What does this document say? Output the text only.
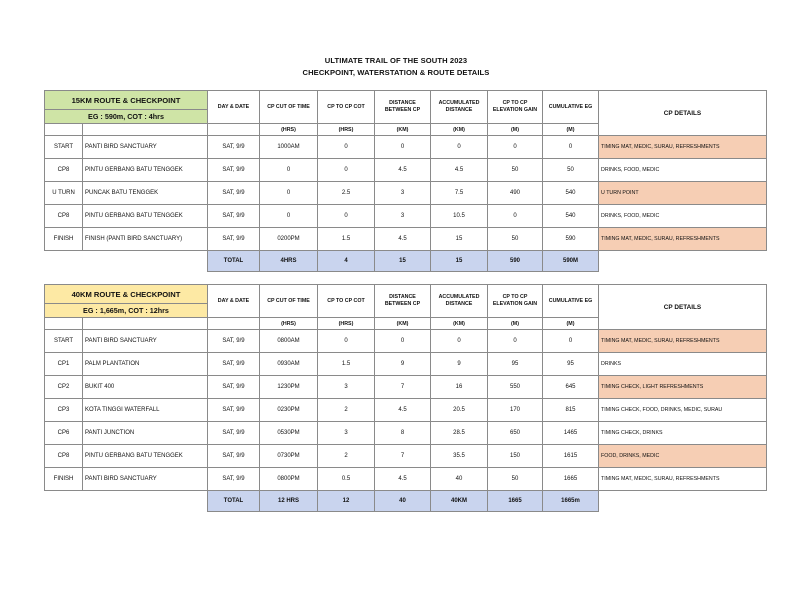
ULTIMATE TRAIL OF THE SOUTH 2023
CHECKPOINT, WATERSTATION & ROUTE DETAILS
15KM ROUTE & CHECKPOINT		DAY & DATE	CP CUT OF TIME	CP TO CP COT	DISTANCE BETWEEN CP	ACCUMULATED DISTANCE	CP TO CP ELEVATION GAIN	CUMULATIVE EG	CP DETAILS
EG : 590m, COT : 4hrs									
			(HRS)	(HRS)	(KM)	(KM)	(M)	(M)	
START	PANTI BIRD SANCTUARY	SAT, 9/9	1000AM	0	0	0	0	0	TIMING MAT, MEDIC, SURAU, REFRESHMENTS
CP8	PINTU GERBANG BATU TENGGEK	SAT, 9/9	0	0	4.5	4.5	50	50	DRINKS, FOOD, MEDIC
U TURN	PUNCAK BATU TENGGEK	SAT, 9/9	0	2.5	3	7.5	490	540	U TURN POINT
CP8	PINTU GERBANG BATU TENGGEK	SAT, 9/9	0	0	3	10.5	0	540	DRINKS, FOOD, MEDIC
FINISH	FINISH (PANTI BIRD SANCTUARY)	SAT, 9/9	0200PM	1.5	4.5	15	50	590	TIMING MAT, MEDIC, SURAU, REFRESHMENTS
		TOTAL	4HRS	4	15	15	590	590M	
40KM ROUTE & CHECKPOINT		DAY & DATE	CP CUT OF TIME	CP TO CP COT	DISTANCE BETWEEN CP	ACCUMULATED DISTANCE	CP TO CP ELEVATION GAIN	CUMULATIVE EG	CP DETAILS
EG : 1,665m, COT : 12hrs									
			(HRS)	(HRS)	(KM)	(KM)	(M)	(M)	
START	PANTI BIRD SANCTUARY	SAT, 9/9	0800AM	0	0	0	0	0	TIMING MAT, MEDIC, SURAU, REFRESHMENTS
CP1	PALM PLANTATION	SAT, 9/9	0930AM	1.5	9	9	95	95	DRINKS
CP2	BUKIT 400	SAT, 9/9	1230PM	3	7	16	550	645	TIMING CHECK, LIGHT REFRESHMENTS
CP3	KOTA TINGGI WATERFALL	SAT, 9/9	0230PM	2	4.5	20.5	170	815	TIMING CHECK, FOOD, DRINKS, MEDIC, SURAU
CP6	PANTI JUNCTION	SAT, 9/9	0530PM	3	8	28.5	650	1465	TIMING CHECK, DRINKS
CP8	PINTU GERBANG BATU TENGGEK	SAT, 9/9	0730PM	2	7	35.5	150	1615	FOOD, DRINKS, MEDIC
FINISH	PANTI BIRD SANCTUARY	SAT, 9/9	0800PM	0.5	4.5	40	50	1665	TIMING MAT, MEDIC, SURAU, REFRESHMENTS
		TOTAL	12 HRS	12	40	40KM	1665	1665m	
